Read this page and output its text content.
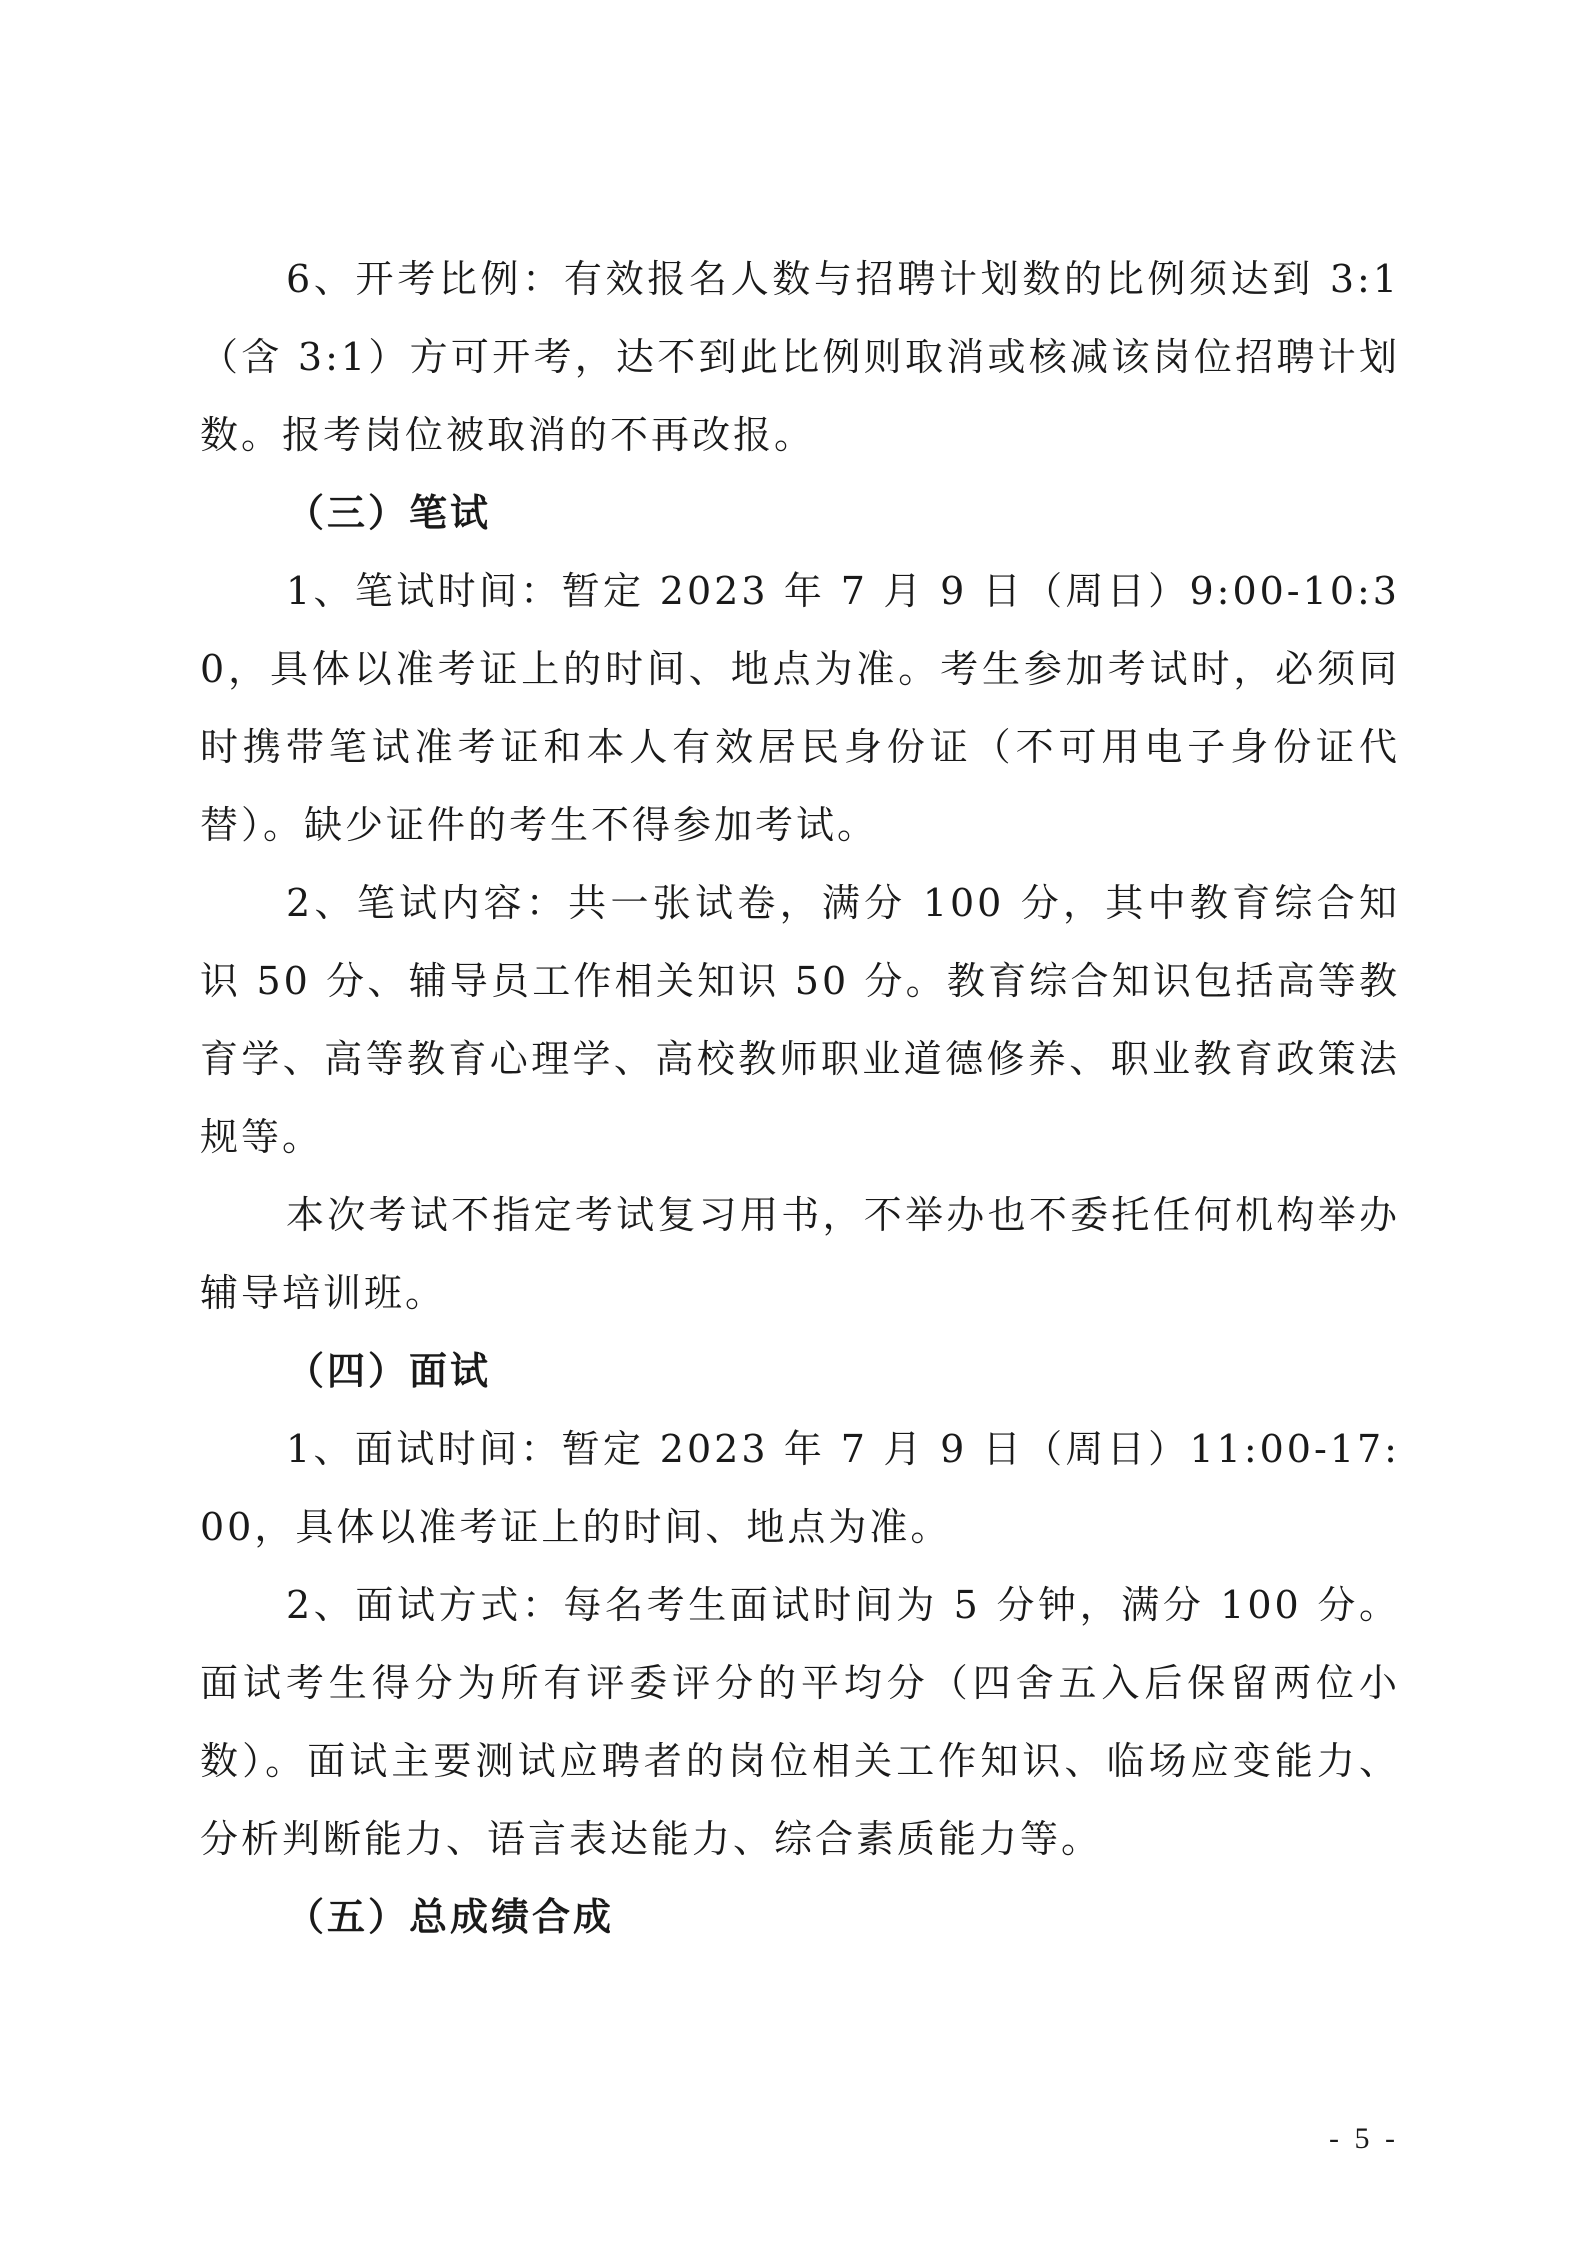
6、开考比例：有效报名人数与招聘计划数的比例须达到 3:1（含 3:1）方可开考，达不到此比例则取消或核减该岗位招聘计划数。报考岗位被取消的不再改报。

（三）笔试

1、笔试时间：暂定 2023 年 7 月 9 日（周日）9:00-10:30，具体以准考证上的时间、地点为准。考生参加考试时，必须同时携带笔试准考证和本人有效居民身份证（不可用电子身份证代替）。缺少证件的考生不得参加考试。

2、笔试内容：共一张试卷，满分 100 分，其中教育综合知识 50 分、辅导员工作相关知识 50 分。教育综合知识包括高等教育学、高等教育心理学、高校教师职业道德修养、职业教育政策法规等。

本次考试不指定考试复习用书，不举办也不委托任何机构举办辅导培训班。

（四）面试

1、面试时间：暂定 2023 年 7 月 9 日（周日）11:00-17:00，具体以准考证上的时间、地点为准。

2、面试方式：每名考生面试时间为 5 分钟，满分 100 分。面试考生得分为所有评委评分的平均分（四舍五入后保留两位小数）。面试主要测试应聘者的岗位相关工作知识、临场应变能力、分析判断能力、语言表达能力、综合素质能力等。

（五）总成绩合成

- 5 -
